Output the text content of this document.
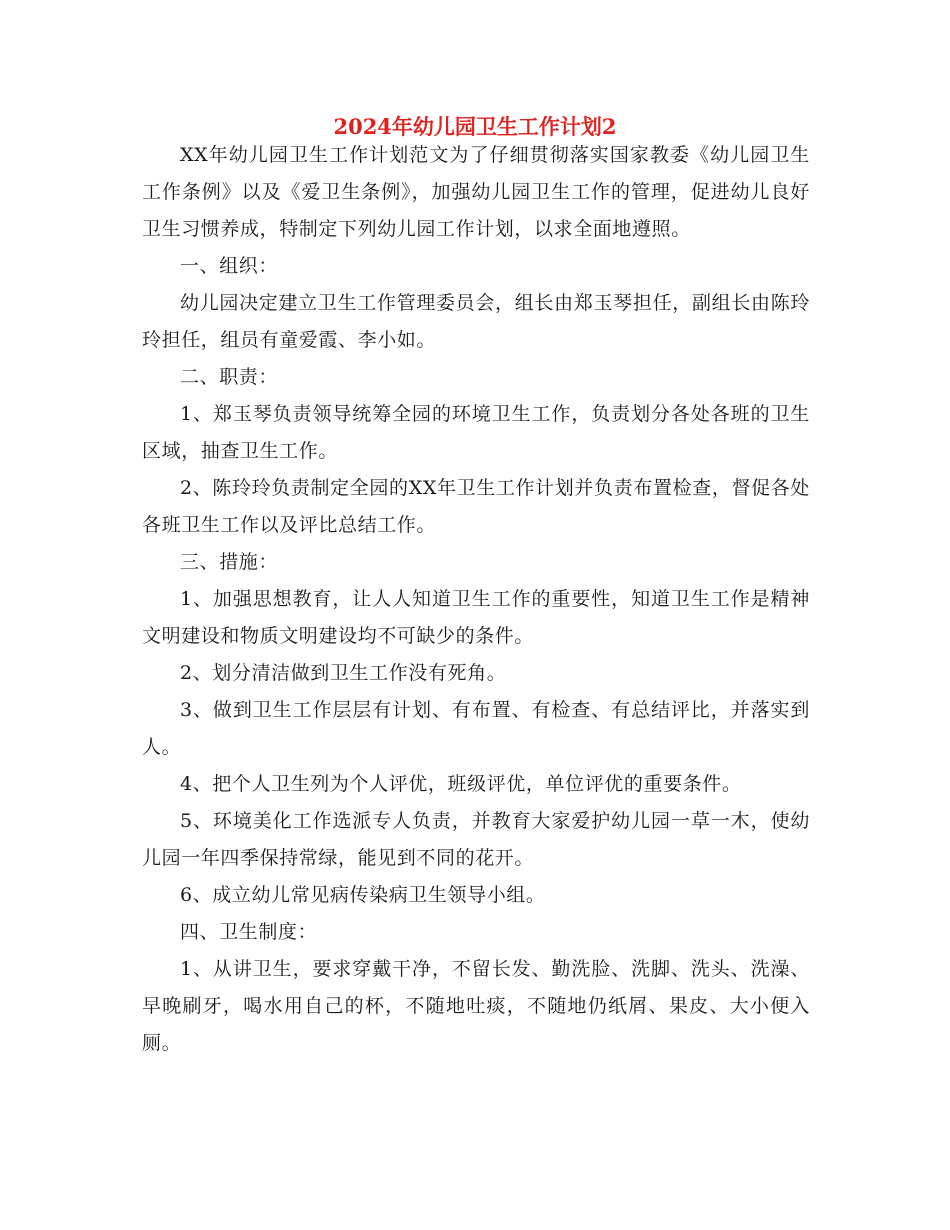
2024年幼儿园卫生工作计划2

XX年幼儿园卫生工作计划范文为了仔细贯彻落实国家教委《幼儿园卫生工作条例》以及《爱卫生条例》，加强幼儿园卫生工作的管理，促进幼儿良好卫生习惯养成，特制定下列幼儿园工作计划，以求全面地遵照。

一、组织：

幼儿园决定建立卫生工作管理委员会，组长由郑玉琴担任，副组长由陈玲玲担任，组员有童爱霞、李小如。

二、职责：

1、郑玉琴负责领导统筹全园的环境卫生工作，负责划分各处各班的卫生区域，抽查卫生工作。

2、陈玲玲负责制定全园的XX年卫生工作计划并负责布置检查，督促各处各班卫生工作以及评比总结工作。

三、措施：

1、加强思想教育，让人人知道卫生工作的重要性，知道卫生工作是精神文明建设和物质文明建设均不可缺少的条件。

2、划分清洁做到卫生工作没有死角。

3、做到卫生工作层层有计划、有布置、有检查、有总结评比，并落实到人。

4、把个人卫生列为个人评优，班级评优，单位评优的重要条件。

5、环境美化工作选派专人负责，并教育大家爱护幼儿园一草一木，使幼儿园一年四季保持常绿，能见到不同的花开。

6、成立幼儿常见病传染病卫生领导小组。

四、卫生制度：

1、从讲卫生，要求穿戴干净，不留长发、勤洗脸、洗脚、洗头、洗澡、早晚刷牙，喝水用自己的杯，不随地吐痰，不随地仍纸屑、果皮、大小便入厕。
